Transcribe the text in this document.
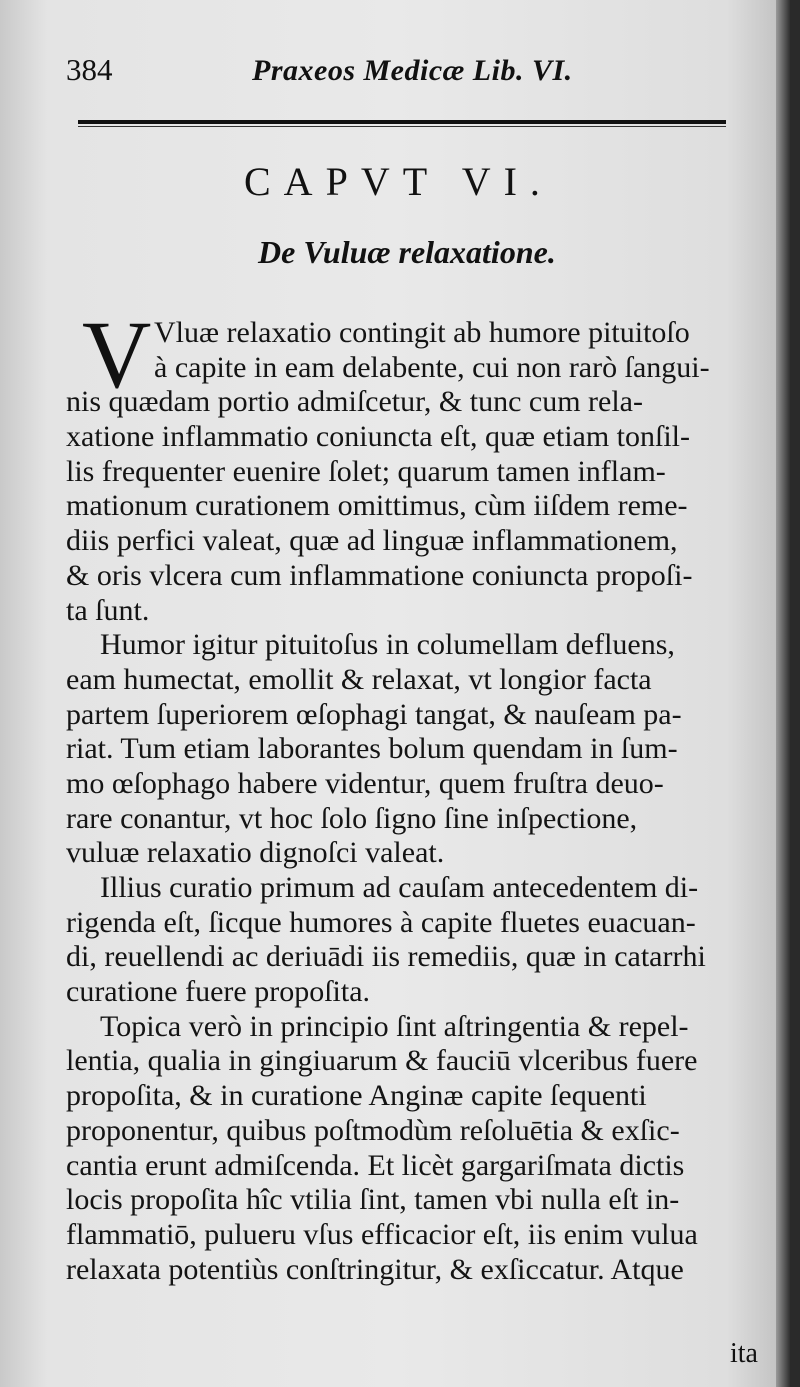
384	Praxeos Medicæ Lib. VI.
CAPVT VI.
De Vuluæ relaxatione.
V Vluæ relaxatio contingit ab humore pituitoſo
à capite in eam delabente, cui non rarò ſangui-
nis quædam portio admiſcetur, & tunc cum rela-
xatione inflammatio coniuncta eſt, quæ etiam tonſil-
lis frequenter euenire ſolet; quarum tamen inflam-
mationum curationem omittimus, cùm iiſdem reme-
diis perfici valeat, quæ ad linguæ inflammationem,
& oris vlcera cum inflammatione coniuncta propoſi-
ta ſunt.
Humor igitur pituitoſus in columellam defluens,
eam humectat, emollit & relaxat, vt longior facta
partem ſuperiorem œſophagi tangat, & nauſeam pa-
riat. Tum etiam laborantes bolum quendam in ſum-
mo œſophago habere videntur, quem fruſtra deuo-
rare conantur, vt hoc ſolo ſigno ſine inſpectione,
vuluæ relaxatio dignoſci valeat.
Illius curatio primum ad cauſam antecedentem di-
rigenda eſt, ſicque humores à capite fluetes euacuan-
di, reuellendi ac deriuādi iis remediis, quæ in catarrhi
curatione fuere propoſita.
Topica verò in principio ſint aſtringentia & repel-
lentia, qualia in gingiuarum & fauciū vlceribus fuere
propoſita, & in curatione Anginæ capite ſequenti
proponentur, quibus poſtmodùm reſoluētia & exſic-
cantia erunt admiſcenda. Et licèt gargariſmata dictis
locis propoſita hîc vtilia ſint, tamen vbi nulla eſt in-
flammatiō, pulueru vſus efficacior eſt, iis enim vulua
relaxata potentiùs conſtringitur, & exſiccatur. Atque
ita
